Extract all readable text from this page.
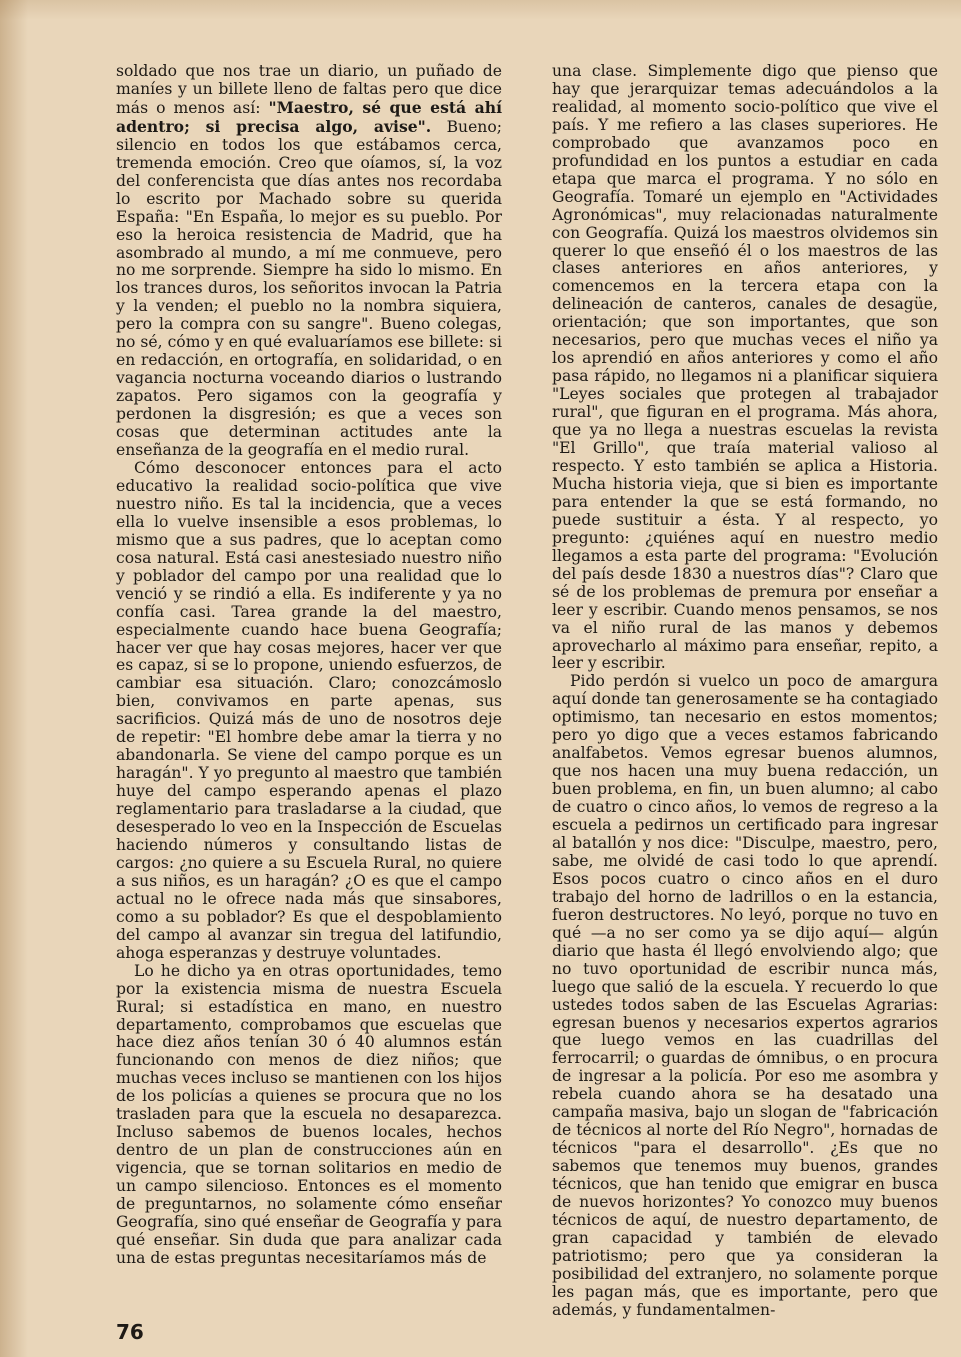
soldado que nos trae un diario, un puñado de maníes y un billete lleno de faltas pero que dice más o menos así: "Maestro, sé que está ahí adentro; si precisa algo, avise". Bueno; silencio en todos los que estábamos cerca, tremenda emoción. Creo que oíamos, sí, la voz del conferencista que días antes nos recordaba lo escrito por Machado sobre su querida España: "En España, lo mejor es su pueblo. Por eso la heroica resistencia de Madrid, que ha asombrado al mundo, a mí me conmueve, pero no me sorprende. Siempre ha sido lo mismo. En los trances duros, los señoritos invocan la Patria y la venden; el pueblo no la nombra siquiera, pero la compra con su sangre". Bueno colegas, no sé, cómo y en qué evaluaríamos ese billete: si en redacción, en ortografía, en solidaridad, o en vagancia nocturna voceando diarios o lustrando zapatos. Pero sigamos con la geografía y perdonen la disgresión; es que a veces son cosas que determinan actitudes ante la enseñanza de la geografía en el medio rural.

Cómo desconocer entonces para el acto educativo la realidad socio-política que vive nuestro niño. Es tal la incidencia, que a veces ella lo vuelve insensible a esos problemas, lo mismo que a sus padres, que lo aceptan como cosa natural. Está casi anestesiado nuestro niño y poblador del campo por una realidad que lo venció y se rindió a ella. Es indiferente y ya no confía casi. Tarea grande la del maestro, especialmente cuando hace buena Geografía; hacer ver que hay cosas mejores, hacer ver que es capaz, si se lo propone, uniendo esfuerzos, de cambiar esa situación. Claro; conozcámoslo bien, convivamos en parte apenas, sus sacrificios. Quizá más de uno de nosotros deje de repetir: "El hombre debe amar la tierra y no abandonarla. Se viene del campo porque es un haragán". Y yo pregunto al maestro que también huye del campo esperando apenas el plazo reglamentario para trasladarse a la ciudad, que desesperado lo veo en la Inspección de Escuelas haciendo números y consultando listas de cargos: ¿no quiere a su Escuela Rural, no quiere a sus niños, es un haragán? ¿O es que el campo actual no le ofrece nada más que sinsabores, como a su poblador? Es que el despoblamiento del campo al avanzar sin tregua del latifundio, ahoga esperanzas y destruye voluntades.

Lo he dicho ya en otras oportunidades, temo por la existencia misma de nuestra Escuela Rural; si estadística en mano, en nuestro departamento, comprobamos que escuelas que hace diez años tenían 30 ó 40 alumnos están funcionando con menos de diez niños; que muchas veces incluso se mantienen con los hijos de los policías a quienes se procura que no los trasladen para que la escuela no desaparezca. Incluso sabemos de buenos locales, hechos dentro de un plan de construcciones aún en vigencia, que se tornan solitarios en medio de un campo silencioso. Entonces es el momento de preguntarnos, no solamente cómo enseñar Geografía, sino qué enseñar de Geografía y para qué enseñar. Sin duda que para analizar cada una de estas preguntas necesitaríamos más de

una clase. Simplemente digo que pienso que hay que jerarquizar temas adecuándolos a la realidad, al momento socio-político que vive el país. Y me refiero a las clases superiores. He comprobado que avanzamos poco en profundidad en los puntos a estudiar en cada etapa que marca el programa. Y no sólo en Geografía. Tomaré un ejemplo en "Actividades Agronómicas", muy relacionadas naturalmente con Geografía. Quizá los maestros olvidemos sin querer lo que enseñó él o los maestros de las clases anteriores en años anteriores, y comencemos en la tercera etapa con la delineación de canteros, canales de desagüe, orientación; que son importantes, que son necesarios, pero que muchas veces el niño ya los aprendió en años anteriores y como el año pasa rápido, no llegamos ni a planificar siquiera "Leyes sociales que protegen al trabajador rural", que figuran en el programa. Más ahora, que ya no llega a nuestras escuelas la revista "El Grillo", que traía material valioso al respecto. Y esto también se aplica a Historia. Mucha historia vieja, que si bien es importante para entender la que se está formando, no puede sustituir a ésta. Y al respecto, yo pregunto: ¿quiénes aquí en nuestro medio llegamos a esta parte del programa: "Evolución del país desde 1830 a nuestros días"? Claro que sé de los problemas de premura por enseñar a leer y escribir. Cuando menos pensamos, se nos va el niño rural de las manos y debemos aprovecharlo al máximo para enseñar, repito, a leer y escribir.

Pido perdón si vuelco un poco de amargura aquí donde tan generosamente se ha contagiado optimismo, tan necesario en estos momentos; pero yo digo que a veces estamos fabricando analfabetos. Vemos egresar buenos alumnos, que nos hacen una muy buena redacción, un buen problema, en fin, un buen alumno; al cabo de cuatro o cinco años, lo vemos de regreso a la escuela a pedirnos un certificado para ingresar al batallón y nos dice: "Disculpe, maestro, pero, sabe, me olvidé de casi todo lo que aprendí. Esos pocos cuatro o cinco años en el duro trabajo del horno de ladrillos o en la estancia, fueron destructores. No leyó, porque no tuvo en qué —a no ser como ya se dijo aquí— algún diario que hasta él llegó envolviendo algo; que no tuvo oportunidad de escribir nunca más, luego que salió de la escuela. Y recuerdo lo que ustedes todos saben de las Escuelas Agrarias: egresan buenos y necesarios expertos agrarios que luego vemos en las cuadrillas del ferrocarril; o guardas de ómnibus, o en procura de ingresar a la policía. Por eso me asombra y rebela cuando ahora se ha desatado una campaña masiva, bajo un slogan de "fabricación de técnicos al norte del Río Negro", hornadas de técnicos "para el desarrollo". ¿Es que no sabemos que tenemos muy buenos, grandes técnicos, que han tenido que emigrar en busca de nuevos horizontes? Yo conozco muy buenos técnicos de aquí, de nuestro departamento, de gran capacidad y también de elevado patriotismo; pero que ya consideran la posibilidad del extranjero, no solamente porque les pagan más, que es importante, pero que además, y fundamentalmen-

76
